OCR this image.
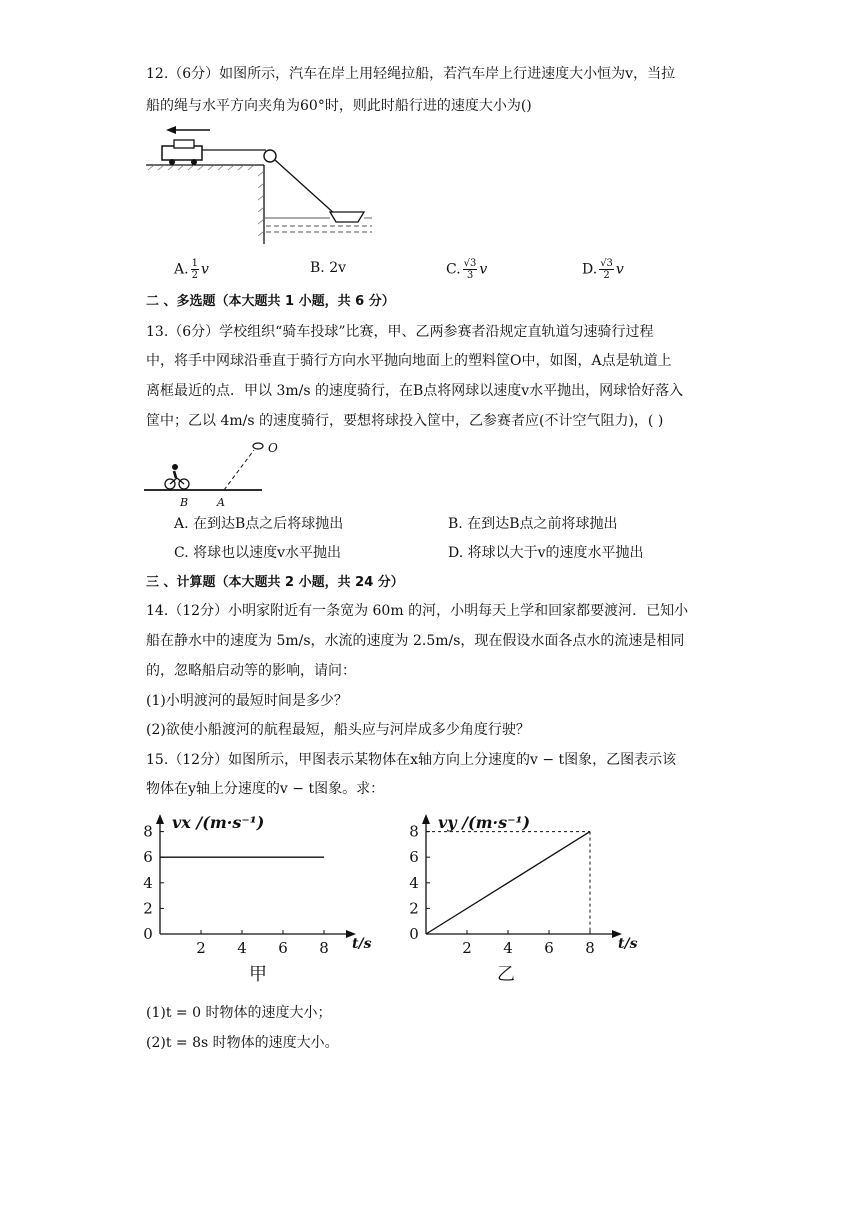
12.（6分）如图所示，汽车在岸上用轻绳拉船，若汽车岸上行进速度大小恒为v，当拉
船的绳与水平方向夹角为60°时，则此时船行进的速度大小为()
A. $\frac{1}{2}$ v	B. 2v	C. $\frac{√3}{3}$ v	D. $\frac{√3}{2}$ v
二 、多选题（本大题共 1 小题，共 6 分）
13.（6分）学校组织“骑车投球”比赛，甲、乙两参赛者沿规定直轨道匀速骑行过程
中，将手中网球沿垂直于骑行方向水平抛向地面上的塑料筐O中，如图，A点是轨道上
离框最近的点．甲以 3m/s 的速度骑行，在B点将网球以速度v水平抛出，网球恰好落入
筐中；乙以 4m/s 的速度骑行，要想将球投入筐中，乙参赛者应(不计空气阻力)，( )
O
B	A
A. 在到达B点之后将球抛出	B. 在到达B点之前将球抛出
C. 将球也以速度v水平抛出	D. 将球以大于v的速度水平抛出
三 、计算题（本大题共 2 小题，共 24 分）
14.（12分）小明家附近有一条宽为 60m 的河，小明每天上学和回家都要渡河．已知小
船在静水中的速度为 5m/s，水流的速度为 2.5m/s，现在假设水面各点水的流速是相同
的，忽略船启动等的影响，请问：
(1)小明渡河的最短时间是多少？
(2)欲使小船渡河的航程最短，船头应与河岸成多少角度行驶？
15.（12分）如图所示，甲图表示某物体在x轴方向上分速度的v − t图象，乙图表示该
物体在y轴上分速度的v − t图象。求：
vx /(m·s⁻¹)
t/s
0
2 4 6 8
2
4
6
8
甲
vy /(m·s⁻¹)
t/s
0
2 4 6 8
2
4
6
8
乙
(1)t = 0 时物体的速度大小；
(2)t = 8s 时物体的速度大小。
